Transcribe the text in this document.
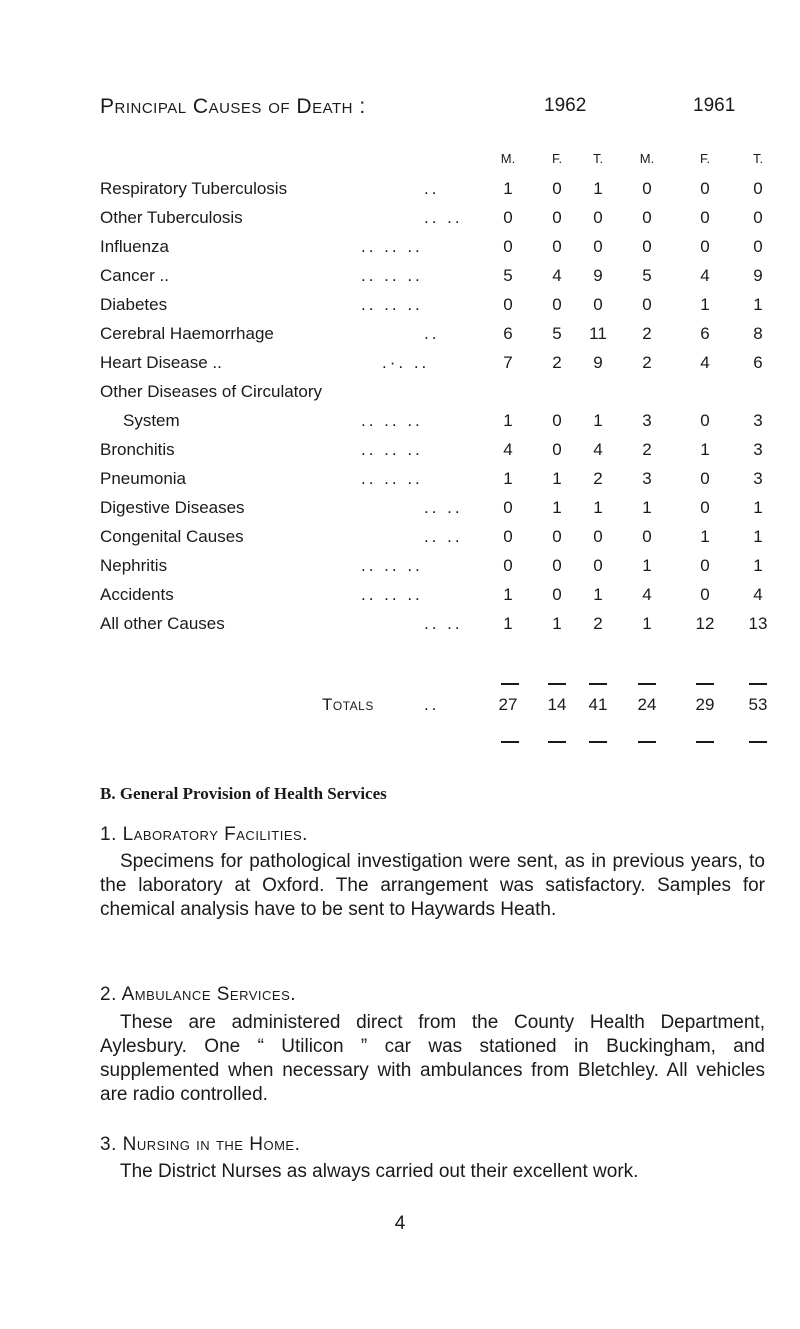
Principal Causes of Death :	1962	1961
M.	F.	T.	M.	F.	T.
Respiratory Tuberculosis	..	1	0	1	0	0	0
Other Tuberculosis	.. ..	0	0	0	0	0	0
Influenza	.. .. ..	0	0	0	0	0	0
Cancer ..	.. .. ..	5	4	9	5	4	9
Diabetes	.. .. ..	0	0	0	0	1	1
Cerebral Haemorrhage	..	6	5	11	2	6	8
Heart Disease ..	.·. ..	7	2	9	2	4	6
Other Diseases of Circulatory
System	.. .. ..	1	0	1	3	0	3
Bronchitis	.. .. ..	4	0	4	2	1	3
Pneumonia	.. .. ..	1	1	2	3	0	3
Digestive Diseases	.. ..	0	1	1	1	0	1
Congenital Causes	.. ..	0	0	0	0	1	1
Nephritis	.. .. ..	0	0	0	1	0	1
Accidents	.. .. ..	1	0	1	4	0	4
All other Causes	.. ..	1	1	2	1	12	13
Totals	..	27	14	41	24	29	53
B. General Provision of Health Services
1. Laboratory Facilities.
Specimens for pathological investigation were sent, as in previous years, to the laboratory at Oxford. The arrangement was satisfactory. Samples for chemical analysis have to be sent to Haywards Heath.
2. Ambulance Services.
These are administered direct from the County Health Department, Aylesbury. One “ Utilicon ” car was stationed in Buckingham, and supplemented when necessary with ambulances from Bletchley. All vehicles are radio controlled.
3. Nursing in the Home.
The District Nurses as always carried out their excellent work.
4
